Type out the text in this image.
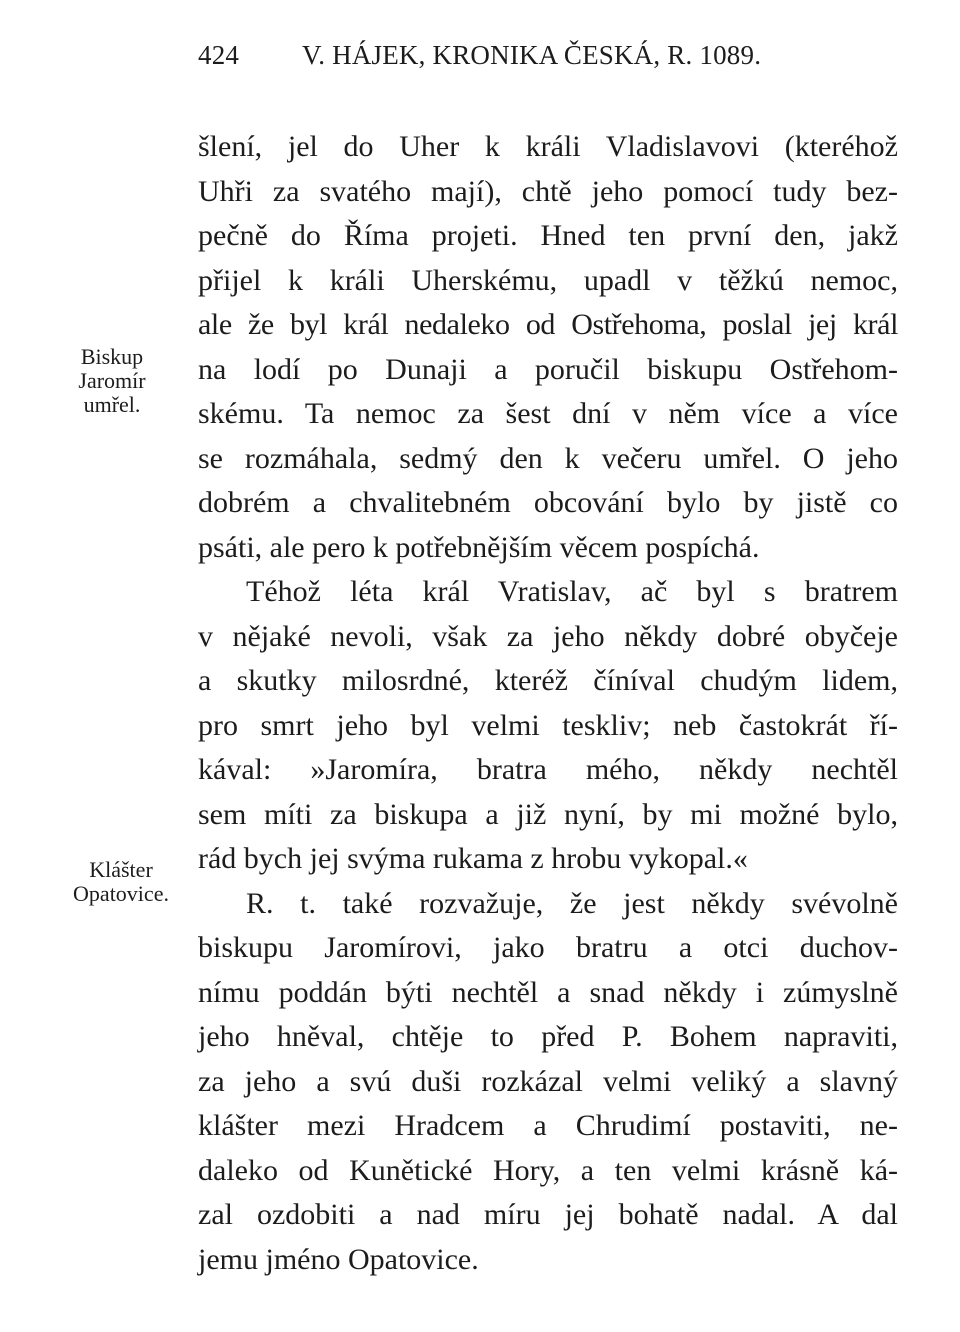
424 V. HÁJEK, KRONIKA ČESKÁ, R. 1089.
Biskup
Jaromír
umřel.
Klášter
Opatovice.
šlení, jel do Uher k králi Vladislavovi (kteréhož
Uhři za svatého mají), chtě jeho pomocí tudy bez-
pečně do Říma projeti. Hned ten první den, jakž
přijel k králi Uherskému, upadl v těžkú nemoc,
ale že byl král nedaleko od Ostřehoma, poslal jej král
na lodí po Dunaji a poručil biskupu Ostřehom-
skému. Ta nemoc za šest dní v něm více a více
se rozmáhala, sedmý den k večeru umřel. O jeho
dobrém a chvalitebném obcování bylo by jistě co
psáti, ale pero k potřebnějším věcem pospíchá.
Téhož léta král Vratislav, ač byl s bratrem
v nějaké nevoli, však za jeho někdy dobré obyčeje
a skutky milosrdné, kteréž číníval chudým lidem,
pro smrt jeho byl velmi teskliv; neb častokrát ří-
kával: »Jaromíra, bratra mého, někdy nechtěl
sem míti za biskupa a již nyní, by mi možné bylo,
rád bych jej svýma rukama z hrobu vykopal.«
R. t. také rozvažuje, že jest někdy svévolně
biskupu Jaromírovi, jako bratru a otci duchov-
nímu poddán býti nechtěl a snad někdy i zúmyslně
jeho hněval, chtěje to před P. Bohem napraviti,
za jeho a svú duši rozkázal velmi veliký a slavný
klášter mezi Hradcem a Chrudimí postaviti, ne-
daleko od Kunětické Hory, a ten velmi krásně ká-
zal ozdobiti a nad míru jej bohatě nadal. A dal
jemu jméno Opatovice.
